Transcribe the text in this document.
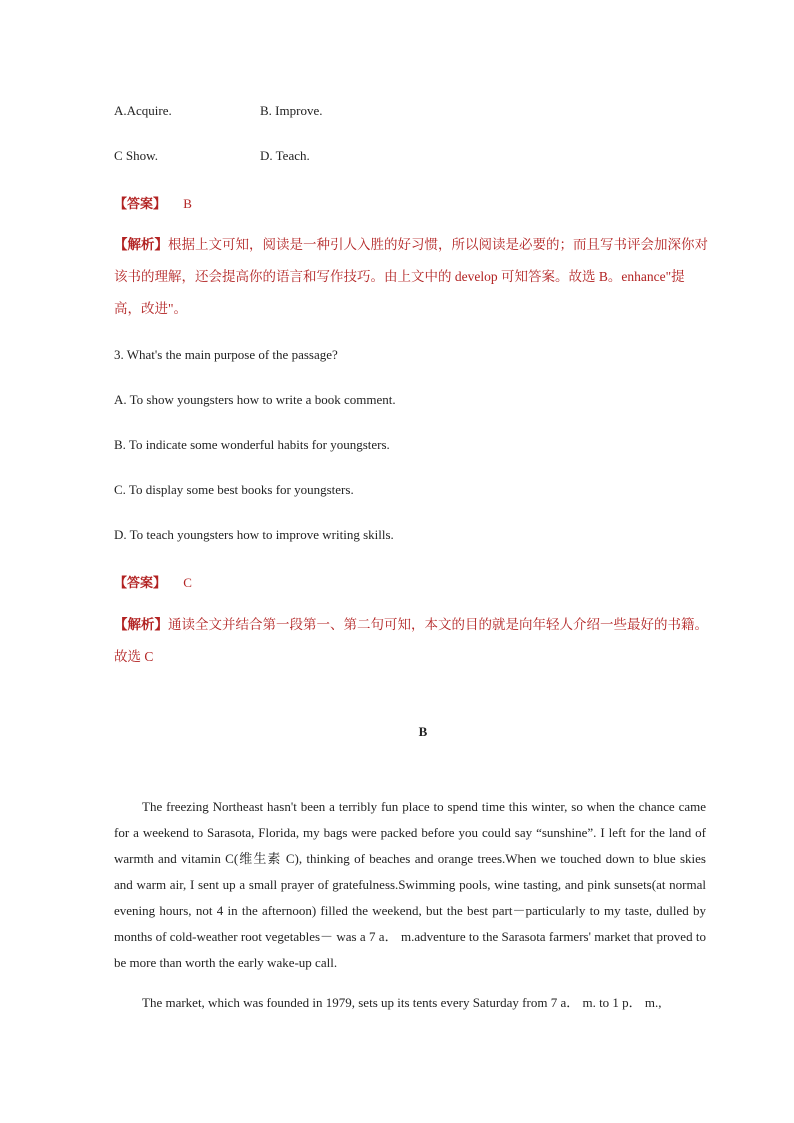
A.Acquire.	B. Improve.
C Show.	D. Teach.
【答案】 B
【解析】根据上文可知，阅读是一种引人入胜的好习惯，所以阅读是必要的；而且写书评会加深你对该书的理解，还会提高你的语言和写作技巧。由上文中的 develop 可知答案。故选 B。enhance"提高，改进"。
3. What's the main purpose of the passage?
A. To show youngsters how to write a book comment.
B. To indicate some wonderful habits for youngsters.
C. To display some best books for youngsters.
D. To teach youngsters how to improve writing skills.
【答案】 C
【解析】通读全文并结合第一段第一、第二句可知，本文的目的就是向年轻人介绍一些最好的书籍。故选 C
B
The freezing Northeast hasn't been a terribly fun place to spend time this winter, so when the chance came for a weekend to Sarasota, Florida, my bags were packed before you could say “sunshine”. I left for the land of warmth and vitamin C(维生素 C), thinking of beaches and orange trees.When we touched down to blue skies and warm air, I sent up a small prayer of gratefulness.Swimming pools, wine tasting, and pink sunsets(at normal evening hours, not 4 in the afternoon) filled the weekend, but the best part－particularly to my taste, dulled by months of cold-weather root vegetables－ was a 7 a． m.adventure to the Sarasota farmers' market that proved to be more than worth the early wake-up call.
The market, which was founded in 1979, sets up its tents every Saturday from 7 a． m. to 1 p． m.,
